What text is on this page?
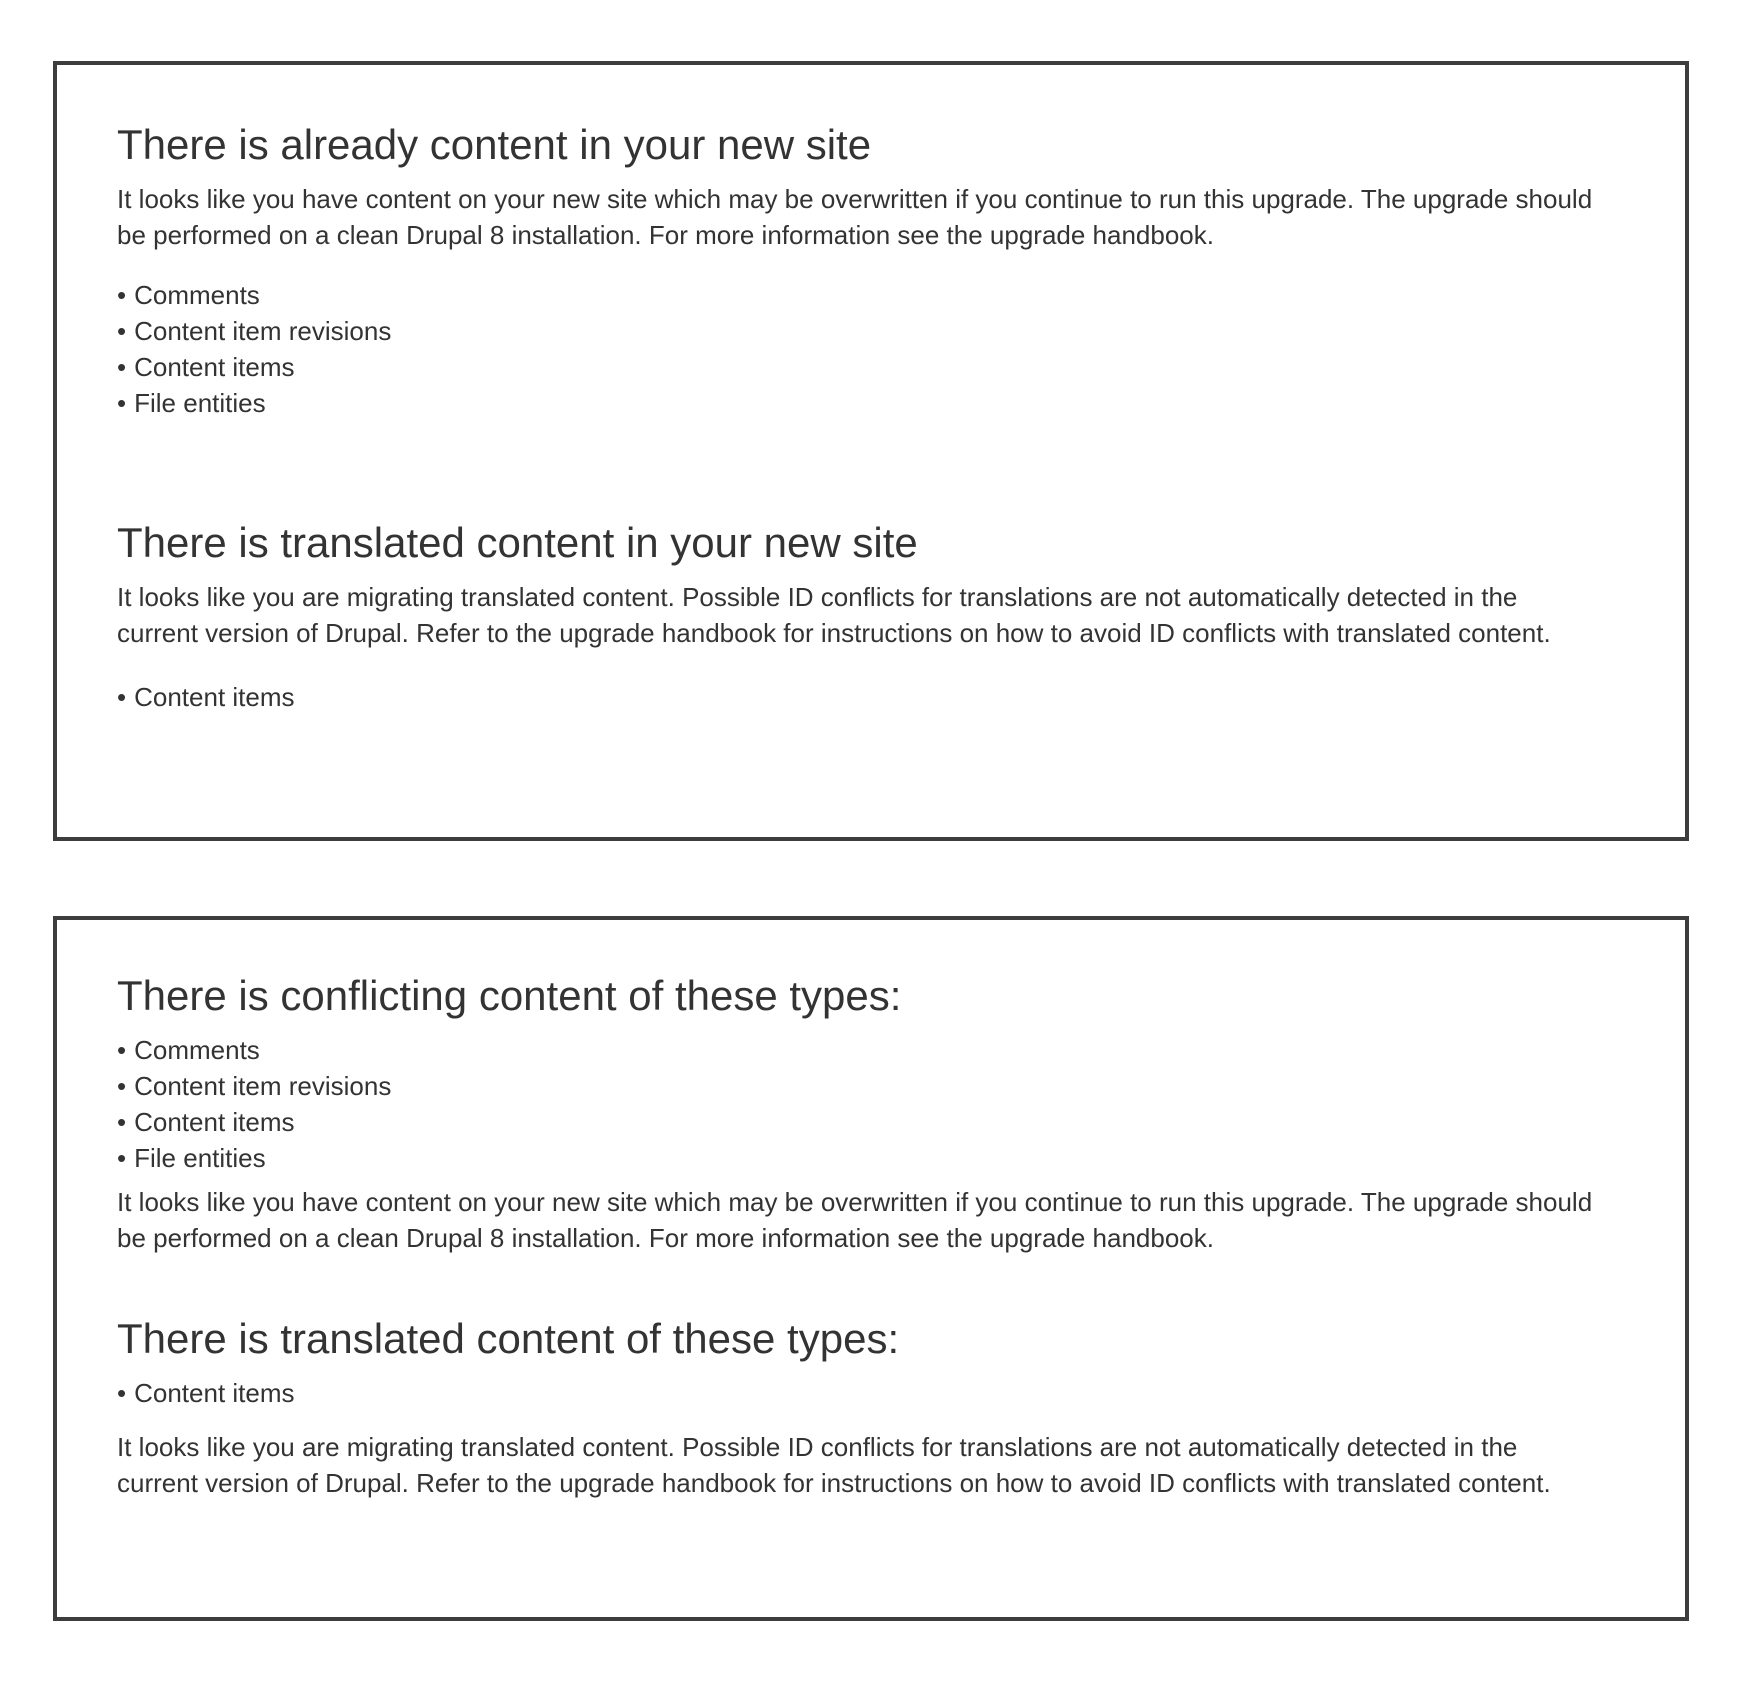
There is already content in your new site

It looks like you have content on your new site which may be overwritten if you continue to run this upgrade. The upgrade should be performed on a clean Drupal 8 installation. For more information see the upgrade handbook.

• Comments
• Content item revisions
• Content items
• File entities
There is translated content in your new site

It looks like you are migrating translated content. Possible ID conflicts for translations are not automatically detected in the current version of Drupal. Refer to the upgrade handbook for instructions on how to avoid ID conflicts with translated content.

• Content items
There is conflicting content of these types:
• Comments
• Content item revisions
• Content items
• File entities

It looks like you have content on your new site which may be overwritten if you continue to run this upgrade. The upgrade should be performed on a clean Drupal 8 installation. For more information see the upgrade handbook.

There is translated content of these types:
• Content items

It looks like you are migrating translated content. Possible ID conflicts for translations are not automatically detected in the current version of Drupal. Refer to the upgrade handbook for instructions on how to avoid ID conflicts with translated content.
